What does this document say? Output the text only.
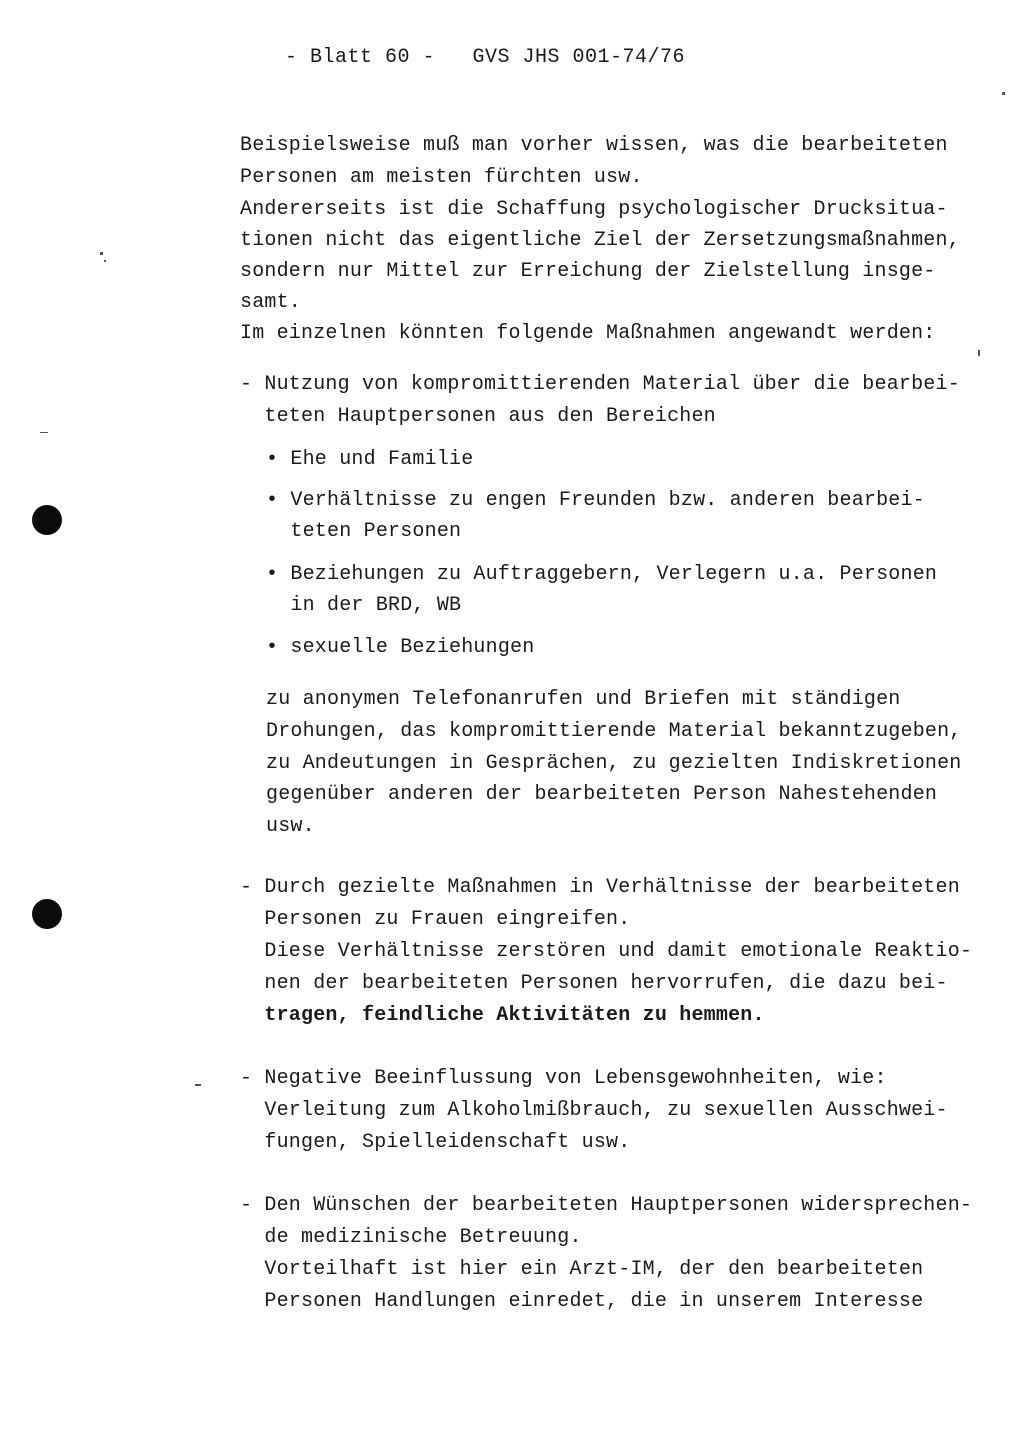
- Blatt 60 -   GVS JHS 001-74/76
Beispielsweise muß man vorher wissen, was die bearbeiteten
Personen am meisten fürchten usw.
Andererseits ist die Schaffung psychologischer Drucksitua-
tionen nicht das eigentliche Ziel der Zersetzungsmaßnahmen,
sondern nur Mittel zur Erreichung der Zielstellung insge-
samt.
Im einzelnen könnten folgende Maßnahmen angewandt werden:
- Nutzung von kompromittierenden Material über die bearbei-
teten Hauptpersonen aus den Bereichen
• Ehe und Familie
• Verhältnisse zu engen Freunden bzw. anderen bearbei-
teten Personen
• Beziehungen zu Auftraggebern, Verlegern u.a. Personen
in der BRD, WB
• sexuelle Beziehungen
zu anonymen Telefonanrufen und Briefen mit ständigen
Drohungen, das kompromittierende Material bekanntzugeben,
zu Andeutungen in Gesprächen, zu gezielten Indiskretionen
gegenüber anderen der bearbeiteten Person Nahestehenden
usw.
- Durch gezielte Maßnahmen in Verhältnisse der bearbeiteten
Personen zu Frauen eingreifen.
Diese Verhältnisse zerstören und damit emotionale Reaktio-
nen der bearbeiteten Personen hervorrufen, die dazu bei-
tragen, feindliche Aktivitäten zu hemmen.
- Negative Beeinflussung von Lebensgewohnheiten, wie:
Verleitung zum Alkoholmißbrauch, zu sexuellen Ausschwei-
fungen, Spielleidenschaft usw.
- Den Wünschen der bearbeiteten Hauptpersonen widersprechen-
de medizinische Betreuung.
Vorteilhaft ist hier ein Arzt-IM, der den bearbeiteten
Personen Handlungen einredet, die in unserem Interesse
